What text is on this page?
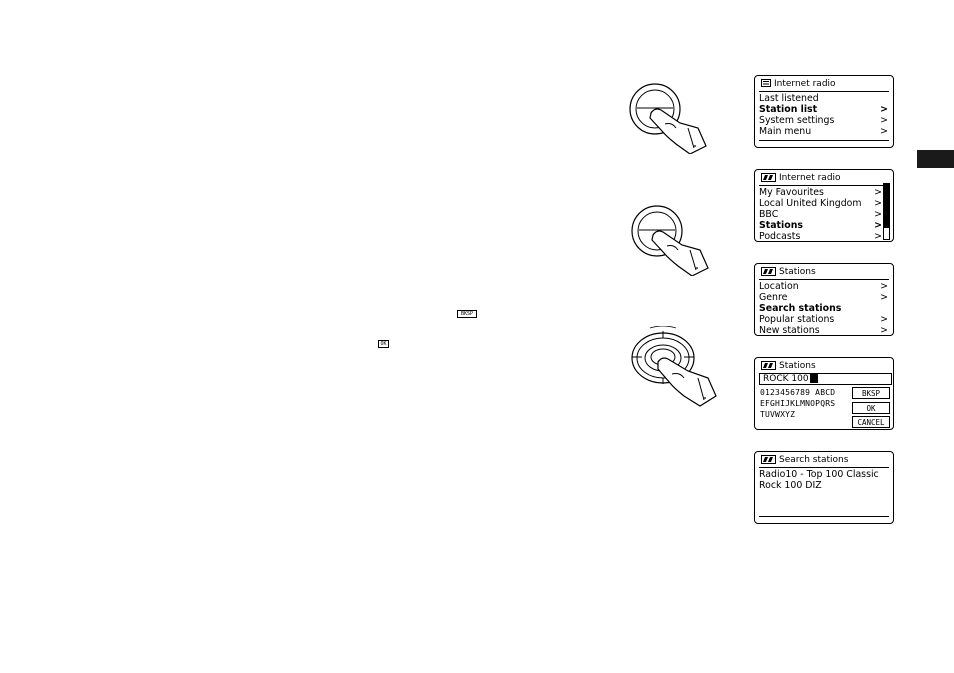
BKSP
OK
Internet radio
Last listened
Station list	>
System settings	>
Main menu	>
Internet radio
My Favourites	>
Local United Kingdom >
BBC	>
Stations	>
Podcasts	>
Stations
Location	>
Genre	>
Search stations
Popular stations	>
New stations	>
Stations
ROCK 100
0123456789 ABCD
EFGHIJKLMNOPQRS
TUVWXYZ
BKSP
OK
CANCEL
Search stations
Radio10 - Top 100 Classic
Rock 100 DIZ
